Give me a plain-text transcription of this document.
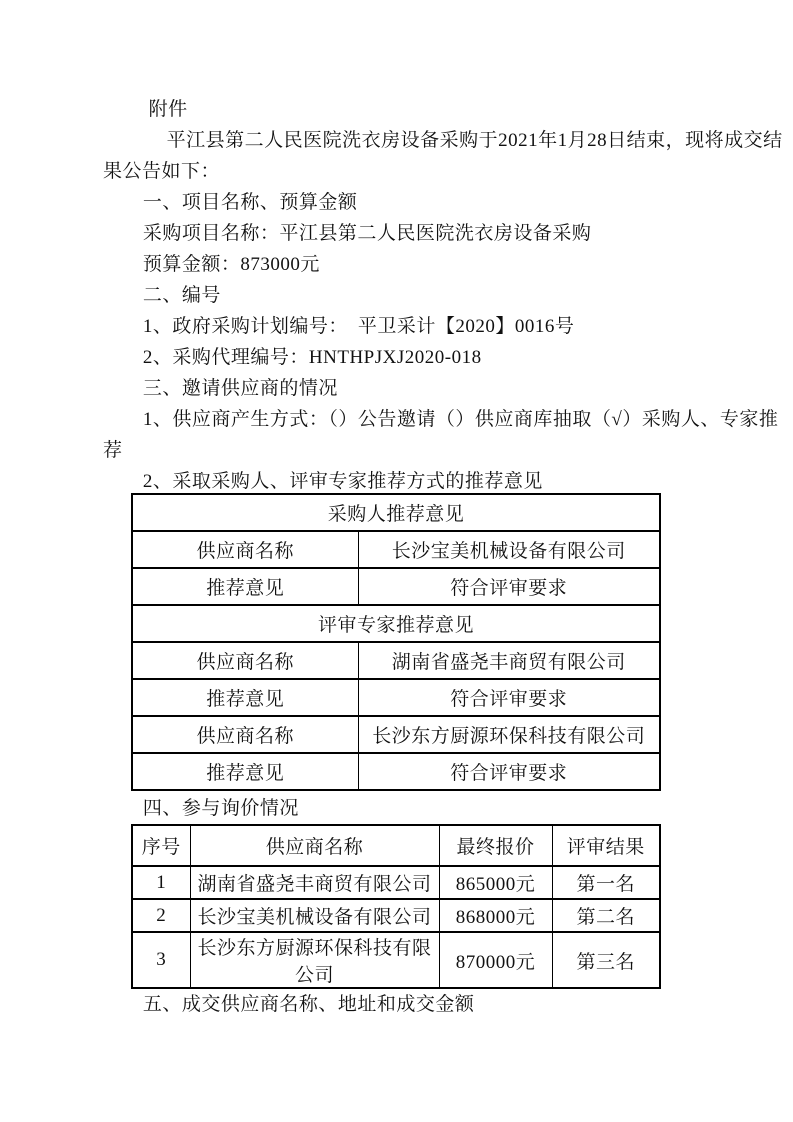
附件
平江县第二人民医院洗衣房设备采购于2021年1月28日结束，现将成交结
果公告如下：
一、项目名称、预算金额
采购项目名称：平江县第二人民医院洗衣房设备采购
预算金额：873000元
二、编号
1、政府采购计划编号：　平卫采计【2020】0016号
2、采购代理编号：HNTHPJXJ2020-018
三、邀请供应商的情况
1、供应商产生方式：（）公告邀请（）供应商库抽取（√）采购人、专家推
荐
2、采取采购人、评审专家推荐方式的推荐意见
采购人推荐意见	
供应商名称	长沙宝美机械设备有限公司
推荐意见	符合评审要求
评审专家推荐意见	
供应商名称	湖南省盛尧丰商贸有限公司
推荐意见	符合评审要求
供应商名称	长沙东方厨源环保科技有限公司
推荐意见	符合评审要求
四、参与询价情况
序号	供应商名称	最终报价	评审结果
1	湖南省盛尧丰商贸有限公司	865000元	第一名
2	长沙宝美机械设备有限公司	868000元	第二名
3	长沙东方厨源环保科技有限公司	870000元	第三名
五、成交供应商名称、地址和成交金额
